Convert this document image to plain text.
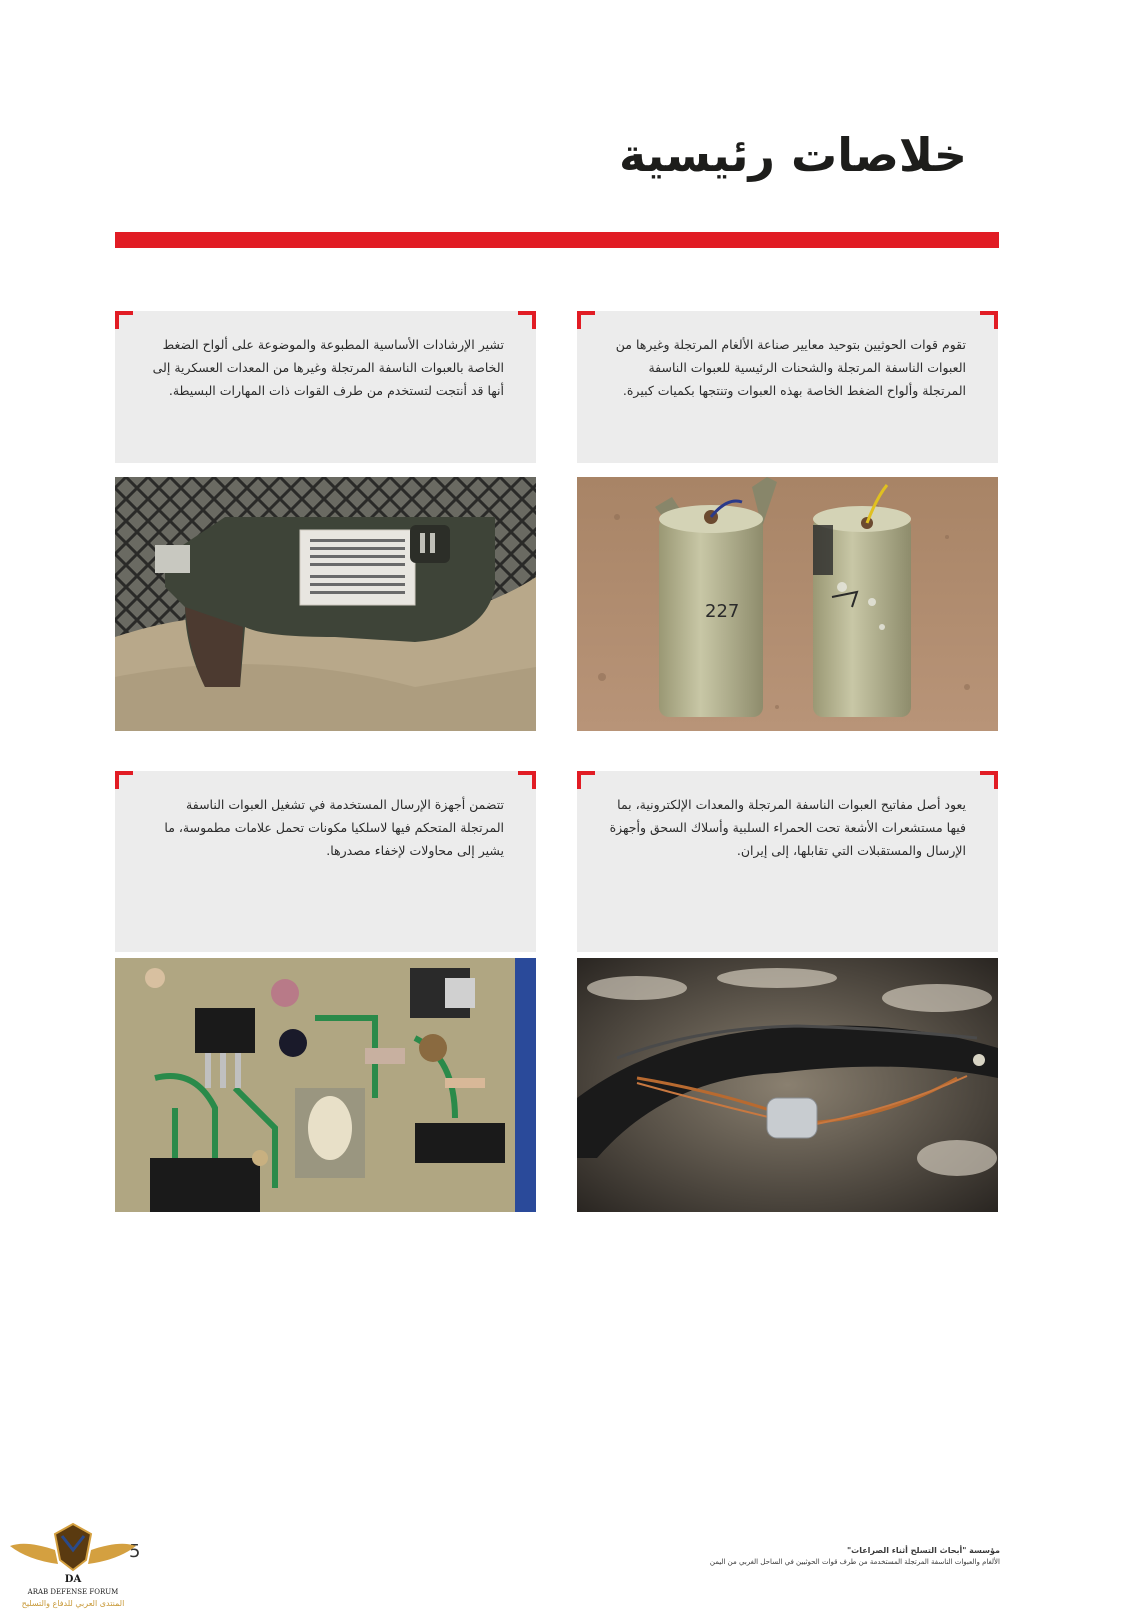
خلاصات رئيسية
تقوم قوات الحوثيين بتوحيد معايير صناعة الألغام المرتجلة وغيرها من العبوات الناسفة المرتجلة والشحنات الرئيسية للعبوات الناسفة المرتجلة وألواح الضغط الخاصة بهذه العبوات وتنتجها بكميات كبيرة.
تشير الإرشادات الأساسية المطبوعة والموضوعة على ألواح الضغط الخاصة بالعبوات الناسفة المرتجلة وغيرها من المعدات العسكرية إلى أنها قد أنتجت لتستخدم من طرف القوات ذات المهارات البسيطة.
يعود أصل مفاتيح العبوات الناسفة المرتجلة والمعدات الإلكترونية، بما فيها مستشعرات الأشعة تحت الحمراء السلبية وأسلاك السحق وأجهزة الإرسال والمستقبلات التي تقابلها، إلى إيران.
تتضمن أجهزة الإرسال المستخدمة في تشغيل العبوات الناسفة المرتجلة المتحكم فيها لاسلكيا مكونات تحمل علامات مطموسة، ما يشير إلى محاولات لإخفاء مصدرها.
227
5	مؤسسة "أبحاث التسلح أثناء الصراعات"
الألغام والعبوات الناسفة المرتجلة المستخدمة من طرف قوات الحوثيين في الساحل الغربي من اليمن
DA
ARAB DEFENSE FORUM
المنتدى العربي للدفاع والتسليح
